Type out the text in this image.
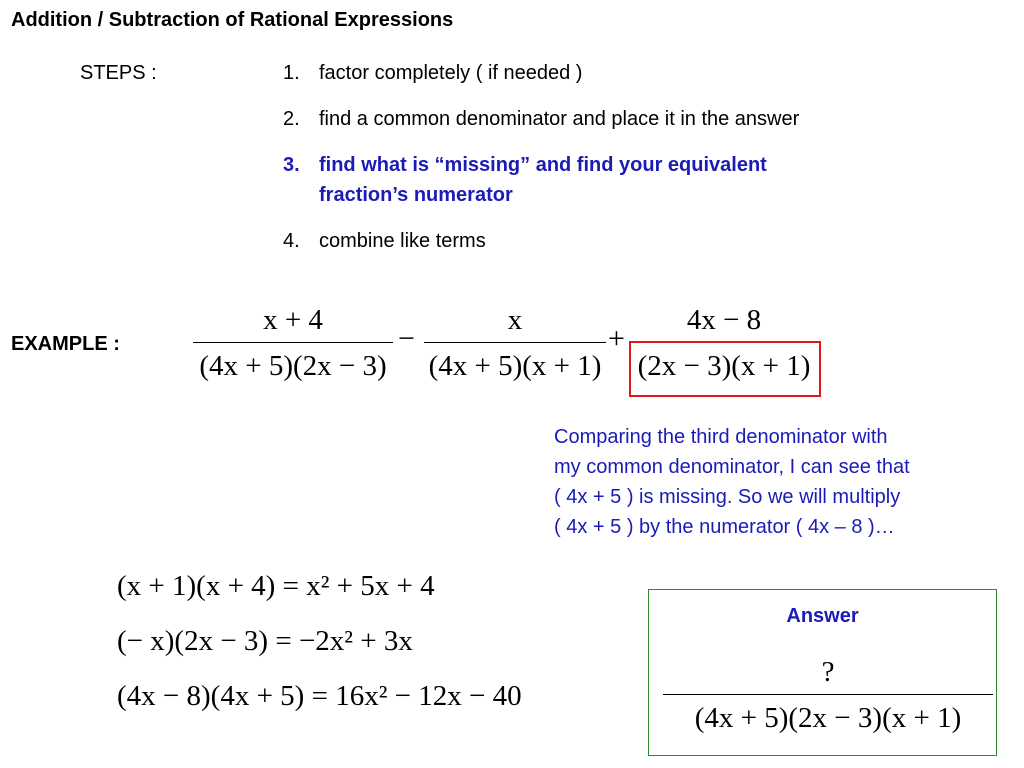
Addition / Subtraction of Rational Expressions
STEPS :	1. factor completely ( if needed )
2. find a common denominator and place it in the answer
3. find what is “missing” and find your equivalent
fraction’s numerator
4. combine like terms
EXAMPLE :
x + 4
(4x + 5)(2x − 3)
−
x
(4x + 5)(x + 1)
+
4x − 8
(2x − 3)(x + 1)
Comparing the third denominator with
my common denominator, I can see that
( 4x + 5 ) is missing. So we will multiply
( 4x + 5 ) by the numerator ( 4x – 8 )…
(x + 1)(x + 4) = x² + 5x + 4
(− x)(2x − 3) = −2x² + 3x
(4x − 8)(4x + 5) = 16x² − 12x − 40
Answer
?
(4x + 5)(2x − 3)(x + 1)
